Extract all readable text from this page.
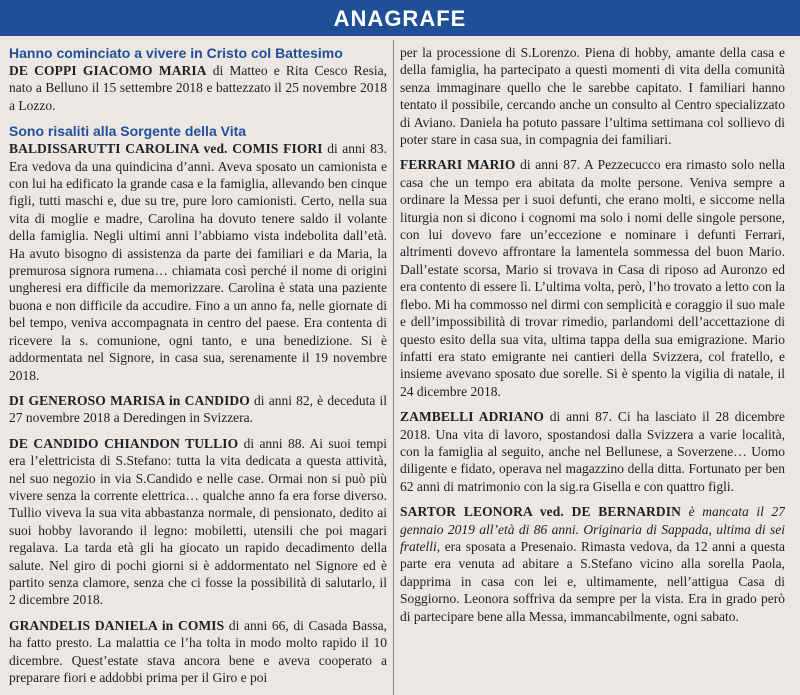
ANAGRAFE

Hanno cominciato a vivere in Cristo col Battesimo

DE COPPI GIACOMO MARIA di Matteo e Rita Cesco Resia, nato a Belluno il 15 settembre 2018 e battezzato il 25 novembre 2018 a Lozzo.

Sono risaliti alla Sorgente della Vita

BALDISSARUTTI CAROLINA ved. COMIS FIORI di anni 83. Era vedova da una quindicina d’anni. Aveva sposato un camionista e con lui ha edificato la grande casa e la famiglia, allevando ben cinque figli, tutti maschi e, due su tre, pure loro camionisti. Certo, nella sua vita di moglie e madre, Carolina ha dovuto tenere saldo il volante della famiglia. Negli ultimi anni l’abbiamo vista indebolita dall’età. Ha avuto bisogno di assistenza da parte dei familiari e da Maria, la premurosa signora rumena… chiamata così perché il nome di origini ungheresi era difficile da memorizzare. Carolina è stata una paziente buona e non difficile da accudire. Fino a un anno fa, nelle giornate di bel tempo, veniva accompagnata in centro del paese. Era contenta di ricevere la s. comunione, ogni tanto, e una benedizione. Si è addormentata nel Signore, in casa sua, serenamente il 19 novembre 2018.

DI GENEROSO MARISA in CANDIDO di anni 82, è deceduta il 27 novembre 2018 a Deredingen in Svizzera.

DE CANDIDO CHIANDON TULLIO di anni 88. Ai suoi tempi era l’elettricista di S.Stefano: tutta la vita dedicata a questa attività, nel suo negozio in via S.Candido e nelle case. Ormai non si può più vivere senza la corrente elettrica… qualche anno fa era forse diverso. Tullio viveva la sua vita abbastanza normale, di pensionato, dedito ai suoi hobby lavorando il legno: mobiletti, utensili che poi magari regalava. La tarda età gli ha giocato un rapido decadimento della salute. Nel giro di pochi giorni si è addormentato nel Signore ed è partito senza clamore, senza che ci fosse la possibilità di salutarlo, il 2 dicembre 2018.

GRANDELIS DANIELA in COMIS di anni 66, di Casada Bassa, ha fatto presto. La malattia ce l’ha tolta in modo molto rapido il 10 dicembre. Quest’estate stava ancora bene e aveva cooperato a preparare fiori e addobbi prima per il Giro e poi

per la processione di S.Lorenzo. Piena di hobby, amante della casa e della famiglia, ha partecipato a questi momenti di vita della comunità senza immaginare quello che le sarebbe capitato. I familiari hanno tentato il possibile, cercando anche un consulto al Centro specializzato di Aviano. Daniela ha potuto passare l’ultima settimana col sollievo di poter stare in casa sua, in compagnia dei familiari.

FERRARI MARIO di anni 87. A Pezzecucco era rimasto solo nella casa che un tempo era abitata da molte persone. Veniva sempre a ordinare la Messa per i suoi defunti, che erano molti, e siccome nella liturgia non si dicono i cognomi ma solo i nomi delle singole persone, con lui dovevo fare un’eccezione e nominare i defunti Ferrari, altrimenti dovevo affrontare la lamentela sommessa del buon Mario. Dall’estate scorsa, Mario si trovava in Casa di riposo ad Auronzo ed era contento di essere lì. L’ultima volta, però, l’ho trovato a letto con la flebo. Mi ha commosso nel dirmi con semplicità e coraggio il suo male e dell’impossibilità di trovar rimedio, parlandomi dell’accettazione di questo esito della sua vita, ultima tappa della sua emigrazione. Mario infatti era stato emigrante nei cantieri della Svizzera, col fratello, e insieme avevano sposato due sorelle. Si è spento la vigilia di natale, il 24 dicembre 2018.

ZAMBELLI ADRIANO di anni 87. Ci ha lasciato il 28 dicembre 2018. Una vita di lavoro, spostandosi dalla Svizzera a varie località, con la famiglia al seguito, anche nel Bellunese, a Soverzene… Uomo diligente e fidato, operava nel magazzino della ditta. Fortunato per ben 62 anni di matrimonio con la sig.ra Gisella e con quattro figli.

SARTOR LEONORA ved. DE BERNARDIN è mancata il 27 gennaio 2019 all’età di 86 anni. Originaria di Sappada, ultima di sei fratelli, era sposata a Presenaio. Rimasta vedova, da 12 anni a questa parte era venuta ad abitare a S.Stefano vicino alla sorella Paola, dapprima in casa con lei e, ultimamente, nell’attigua Casa di Soggiorno. Leonora soffriva da sempre per la vista. Era in grado però di partecipare bene alla Messa, immancabilmente, ogni sabato.
